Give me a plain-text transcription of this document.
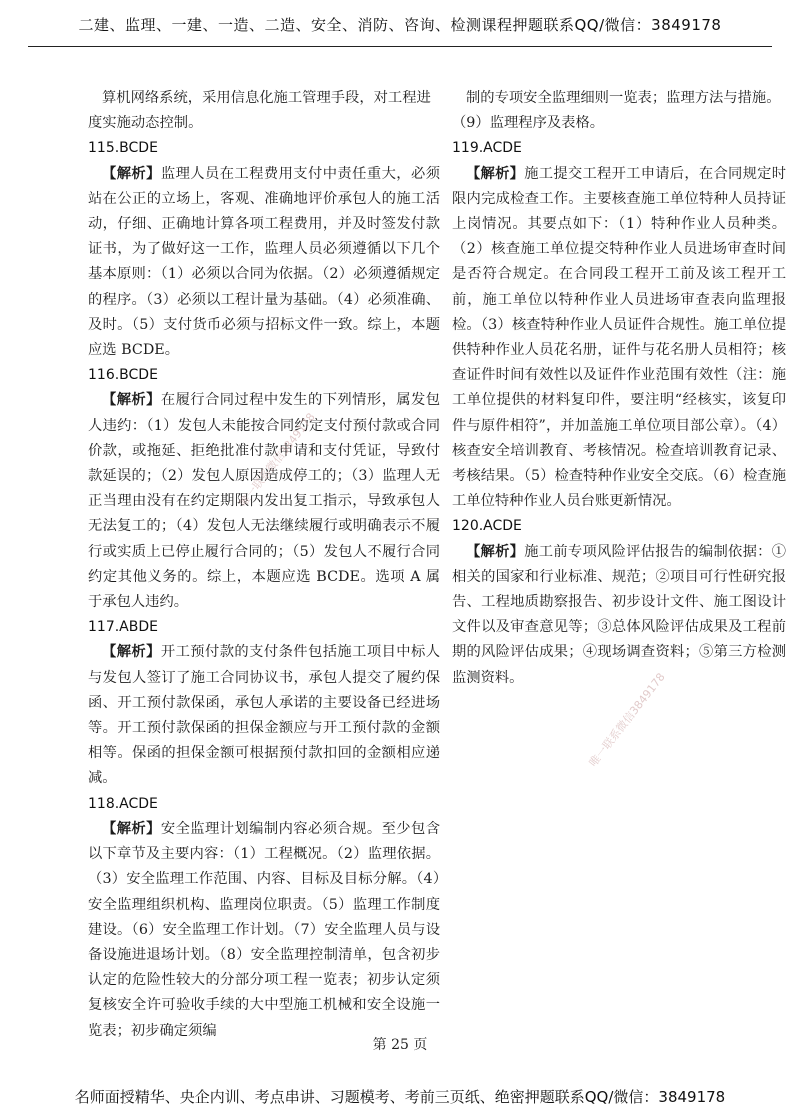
二建、监理、一建、一造、二造、安全、消防、咨询、检测课程押题联系QQ/微信：3849178

算机网络系统，采用信息化施工管理手段，对工程进度实施动态控制。

115.BCDE

【解析】监理人员在工程费用支付中责任重大，必须站在公正的立场上，客观、准确地评价承包人的施工活动，仔细、正确地计算各项工程费用，并及时签发付款证书，为了做好这一工作，监理人员必须遵循以下几个基本原则：（1）必须以合同为依据。（2）必须遵循规定的程序。（3）必须以工程计量为基础。（4）必须准确、及时。（5）支付货币必须与招标文件一致。综上，本题应选 BCDE。

116.BCDE

【解析】在履行合同过程中发生的下列情形，属发包人违约：（1）发包人未能按合同约定支付预付款或合同价款，或拖延、拒绝批准付款申请和支付凭证，导致付款延误的；（2）发包人原因造成停工的；（3）监理人无正当理由没有在约定期限内发出复工指示，导致承包人无法复工的；（4）发包人无法继续履行或明确表示不履行或实质上已停止履行合同的；（5）发包人不履行合同约定其他义务的。综上，本题应选 BCDE。选项 A 属于承包人违约。

117.ABDE

【解析】开工预付款的支付条件包括施工项目中标人与发包人签订了施工合同协议书，承包人提交了履约保函、开工预付款保函，承包人承诺的主要设备已经进场等。开工预付款保函的担保金额应与开工预付款的金额相等。保函的担保金额可根据预付款扣回的金额相应递减。

118.ACDE

【解析】安全监理计划编制内容必须合规。至少包含以下章节及主要内容：（1）工程概况。（2）监理依据。（3）安全监理工作范围、内容、目标及目标分解。（4）安全监理组织机构、监理岗位职责。（5）监理工作制度建设。（6）安全监理工作计划。（7）安全监理人员与设备设施进退场计划。（8）安全监理控制清单，包含初步认定的危险性较大的分部分项工程一览表；初步认定须复核安全许可验收手续的大中型施工机械和安全设施一览表；初步确定须编

制的专项安全监理细则一览表；监理方法与措施。（9）监理程序及表格。

119.ACDE

【解析】施工提交工程开工申请后，在合同规定时限内完成检查工作。主要核查施工单位特种人员持证上岗情况。其要点如下：（1）特种作业人员种类。（2）核查施工单位提交特种作业人员进场审查时间是否符合规定。在合同段工程开工前及该工程开工前，施工单位以特种作业人员进场审查表向监理报检。（3）核查特种作业人员证件合规性。施工单位提供特种作业人员花名册，证件与花名册人员相符；核查证件时间有效性以及证件作业范围有效性（注：施工单位提供的材料复印件，要注明“经核实，该复印件与原件相符”，并加盖施工单位项目部公章）。（4）核查安全培训教育、考核情况。检查培训教育记录、考核结果。（5）检查特种作业安全交底。（6）检查施工单位特种作业人员台账更新情况。

120.ACDE

【解析】施工前专项风险评估报告的编制依据：①相关的国家和行业标准、规范；②项目可行性研究报告、工程地质勘察报告、初步设计文件、施工图设计文件以及审查意见等；③总体风险评估成果及工程前期的风险评估成果；④现场调查资料；⑤第三方检测监测资料。

唯一联系微信3849178
唯一联系微信3849178
第 25 页
名师面授精华、央企内训、考点串讲、习题模考、考前三页纸、绝密押题联系QQ/微信：3849178
